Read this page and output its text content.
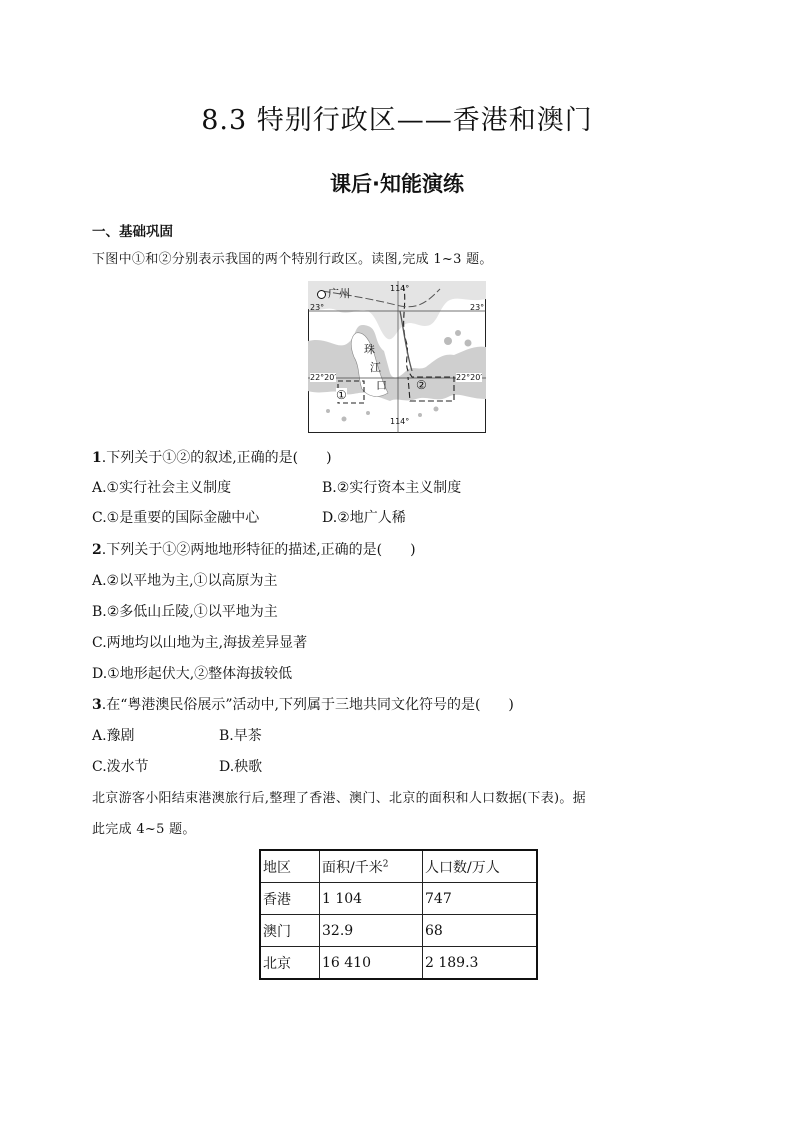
8.3 特别行政区——香港和澳门
课后·知能演练
一、基础巩固
下图中①和②分别表示我国的两个特别行政区。读图,完成 1~3 题。
广州	114°
23°
23°
22°20′	22°20′
珠
江
口
①
②
114°
1.下列关于①②的叙述,正确的是(　　)
A.①实行社会主义制度	B.②实行资本主义制度
C.①是重要的国际金融中心	D.②地广人稀
2.下列关于①②两地地形特征的描述,正确的是(　　)
A.②以平地为主,①以高原为主
B.②多低山丘陵,①以平地为主
C.两地均以山地为主,海拔差异显著
D.①地形起伏大,②整体海拔较低
3.在“粤港澳民俗展示”活动中,下列属于三地共同文化符号的是(　　)
A.豫剧	B.早茶
C.泼水节	D.秧歌
北京游客小阳结束港澳旅行后,整理了香港、澳门、北京的面积和人口数据(下表)。据
此完成 4~5 题。
地区	面积/千米$^2$	人口数/万人
香港	1 104	747
澳门	32.9	68
北京	16 410	2 189.3
